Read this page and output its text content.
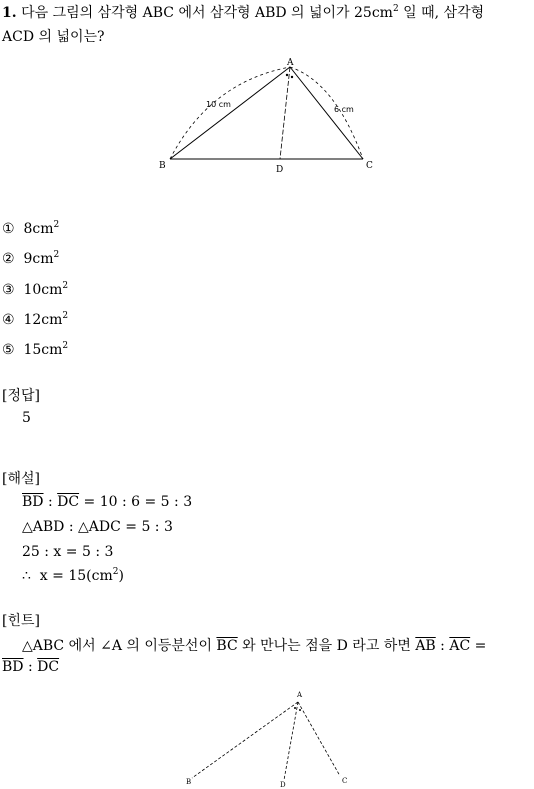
1. 다음 그림의 삼각형 ABC 에서 삼각형 ABD 의 넓이가 $25cm^2$ 일 때, 삼각형
ACD 의 넓이는?
A
B	C
D
10 cm
6 cm
① $8cm^2$
② $9cm^2$
③ $10cm^2$
④ $12cm^2$
⑤ $15cm^2$
[정답]
5
[해설]
$\overline{BD}$ : $\overline{DC} = 10$ : 6 = 5 : 3
△ABD : △ADC = 5 : 3
25 : x = 5 : 3
∴  $x = 15(cm^2)$
[힌트]
△ABC 에서 ∠A 의 이등분선이 $\overline{BC}$ 와 만나는 점을 D 라고 하면 $\overline{AB}$ : $\overline{AC}$ =
$\overline{BD}$ : $\overline{DC}$
A
B	C
D
